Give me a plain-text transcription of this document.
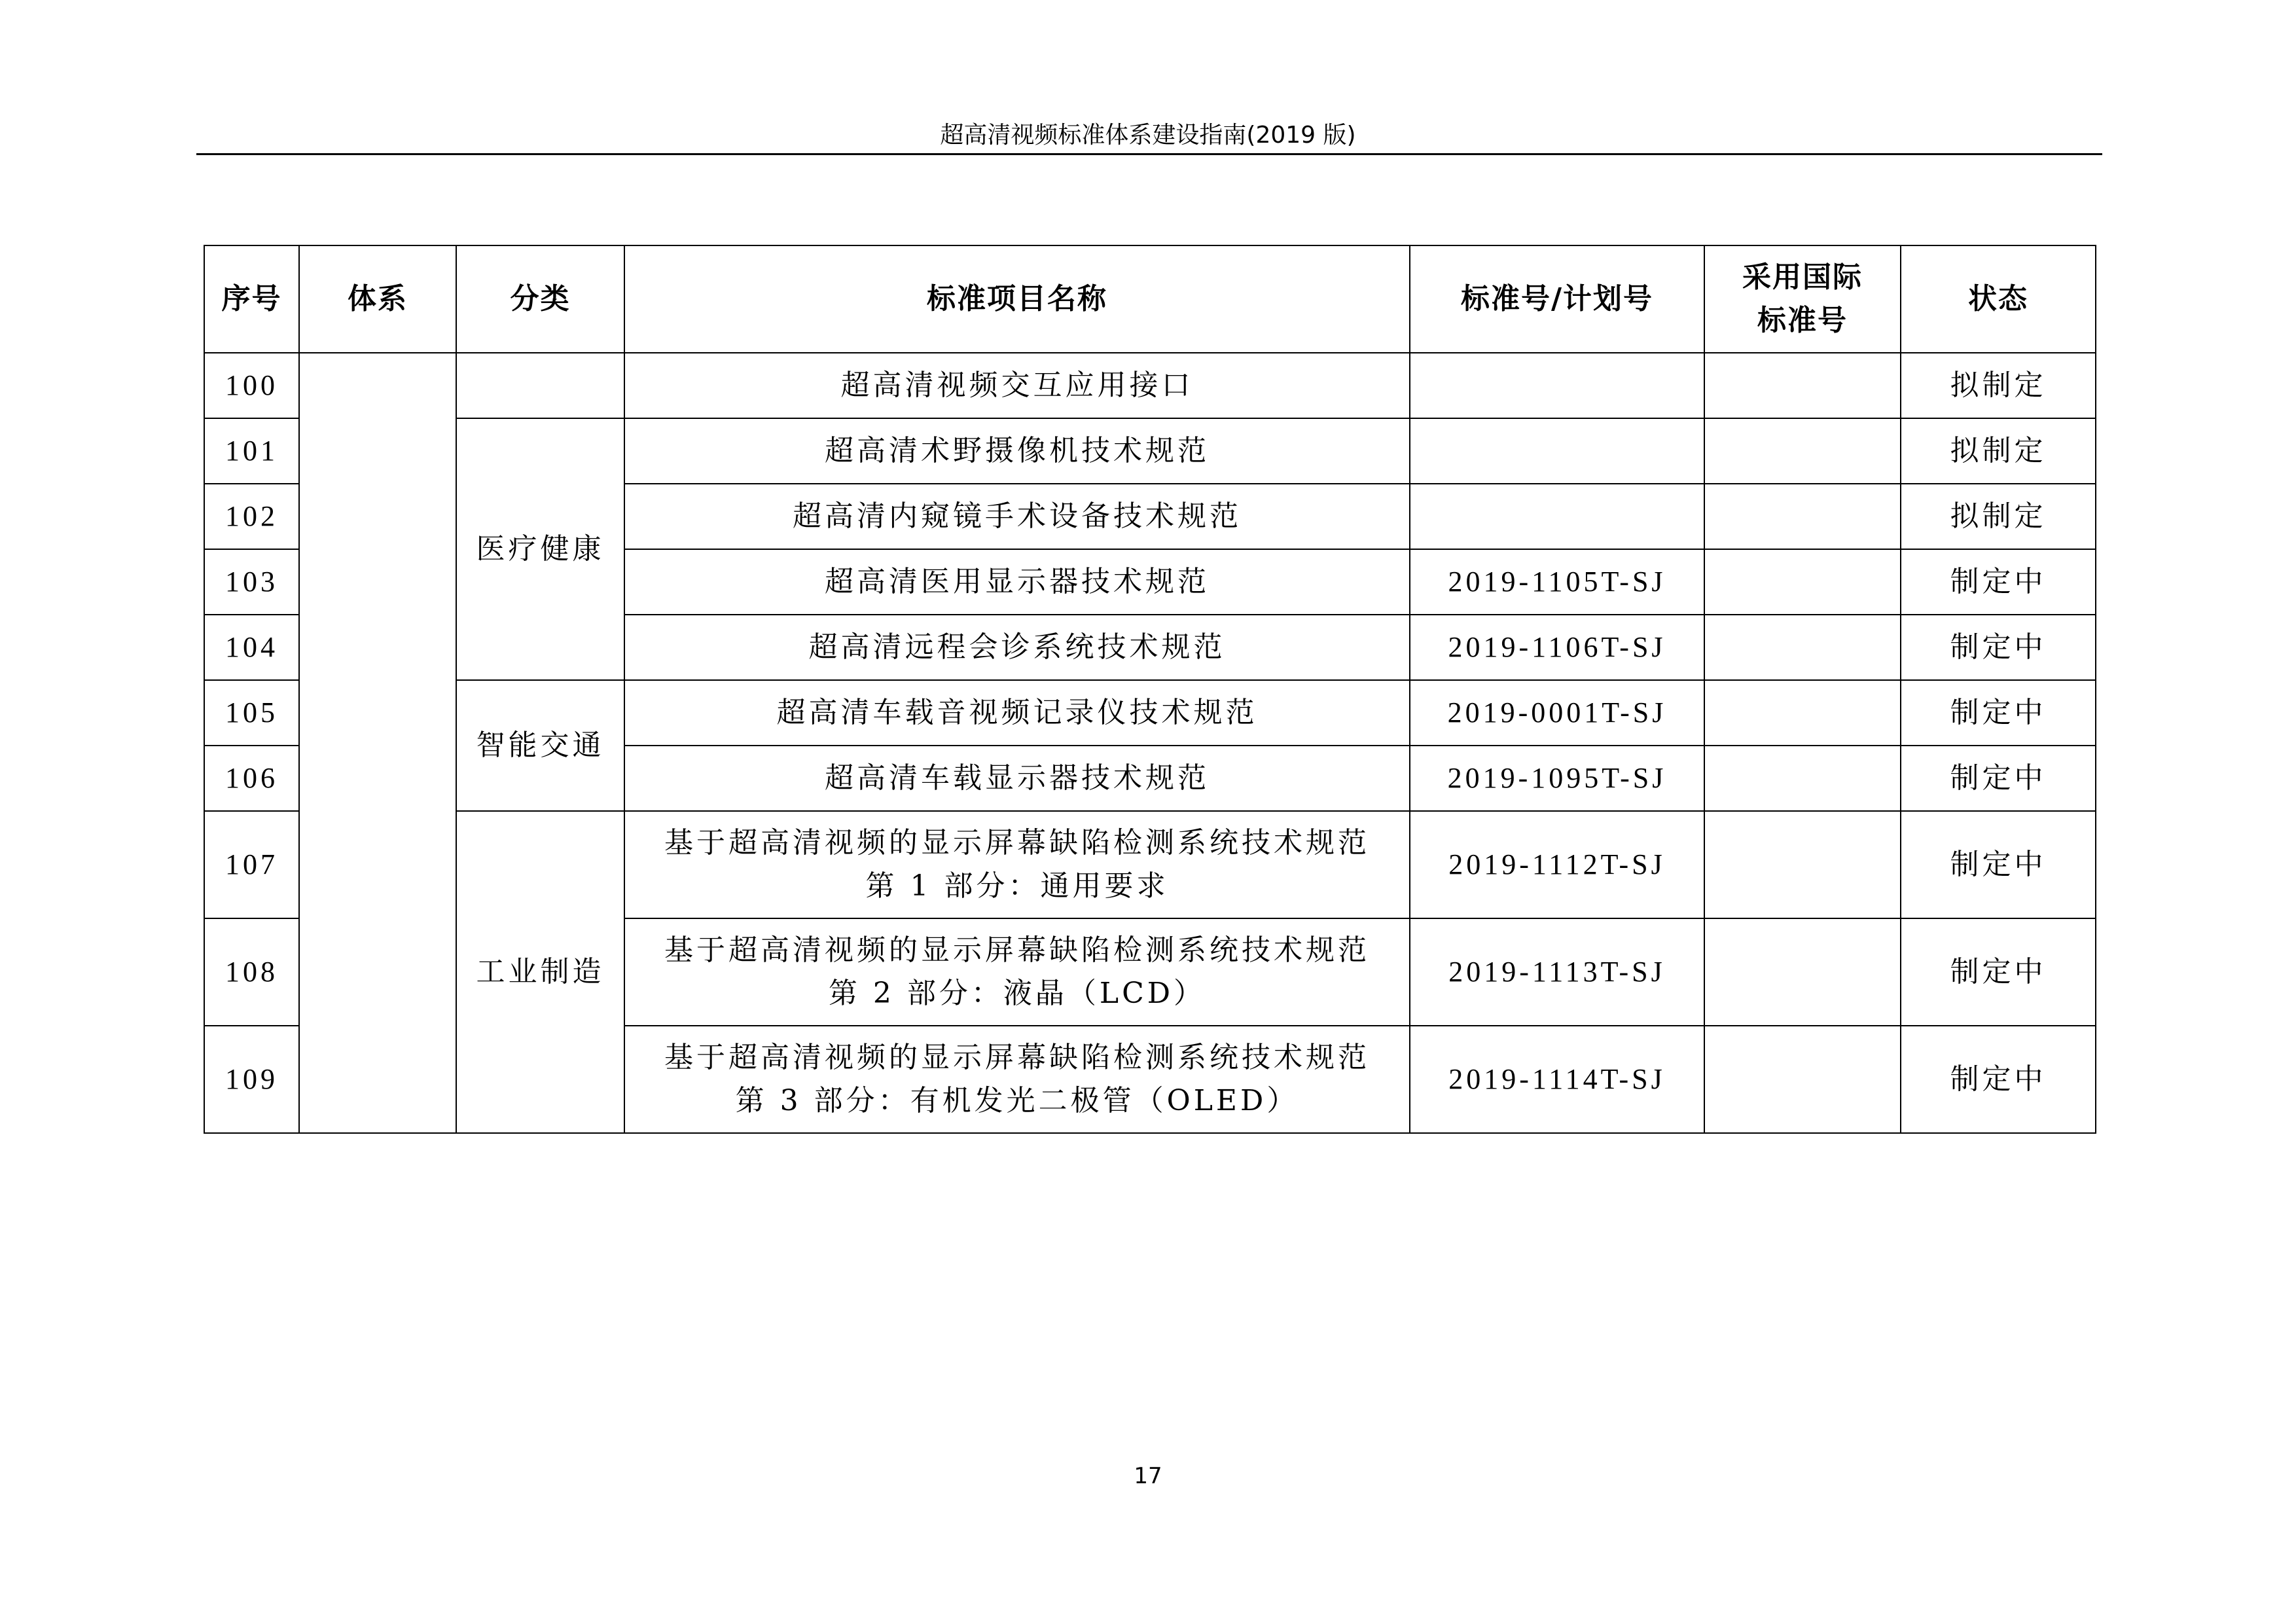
超高清视频标准体系建设指南(2019 版)
序号	体系	分类	标准项目名称	标准号/计划号	采用国际标准号	状态
100			超高清视频交互应用接口			拟制定
101		医疗健康	超高清术野摄像机技术规范			拟制定
102			超高清内窥镜手术设备技术规范			拟制定
103			超高清医用显示器技术规范	2019-1105T-SJ		制定中
104			超高清远程会诊系统技术规范	2019-1106T-SJ		制定中
105		智能交通	超高清车载音视频记录仪技术规范	2019-0001T-SJ		制定中
106			超高清车载显示器技术规范	2019-1095T-SJ		制定中
107		工业制造	基于超高清视频的显示屏幕缺陷检测系统技术规范
第 1 部分：通用要求	2019-1112T-SJ		制定中
108			基于超高清视频的显示屏幕缺陷检测系统技术规范
第 2 部分：液晶（LCD）	2019-1113T-SJ		制定中
109			基于超高清视频的显示屏幕缺陷检测系统技术规范
第 3 部分：有机发光二极管（OLED）	2019-1114T-SJ		制定中
17
